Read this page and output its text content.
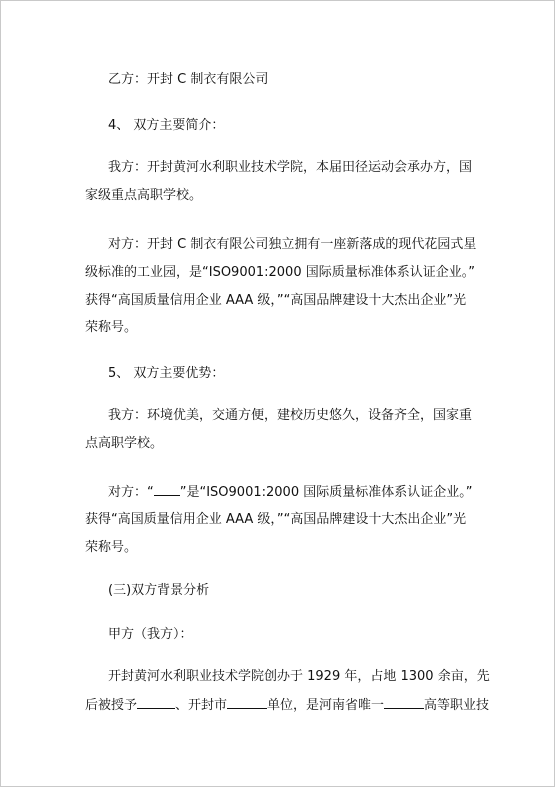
乙方：开封 C 制衣有限公司
4、 双方主要简介：
我方：开封黄河水利职业技术学院，本届田径运动会承办方，国
家级重点高职学校。
对方：开封 C 制衣有限公司独立拥有一座新落成的现代花园式星
级标准的工业园，是“ISO9001:2000 国际质量标准体系认证企业。”
获得“高国质量信用企业 AAA 级，”“高国品牌建设十大杰出企业”光
荣称号。
5、 双方主要优势：
我方：环境优美，交通方便，建校历史悠久，设备齐全，国家重
点高职学校。
对方：“ ”是“ISO9001:2000 国际质量标准体系认证企业。”
获得“高国质量信用企业 AAA 级，”“高国品牌建设十大杰出企业”光
荣称号。
(三)双方背景分析
甲方（我方）：
开封黄河水利职业技术学院创办于 1929 年，占地 1300 余亩，先
后被授予	、开封市	单位，是河南省唯一	高等职业技
